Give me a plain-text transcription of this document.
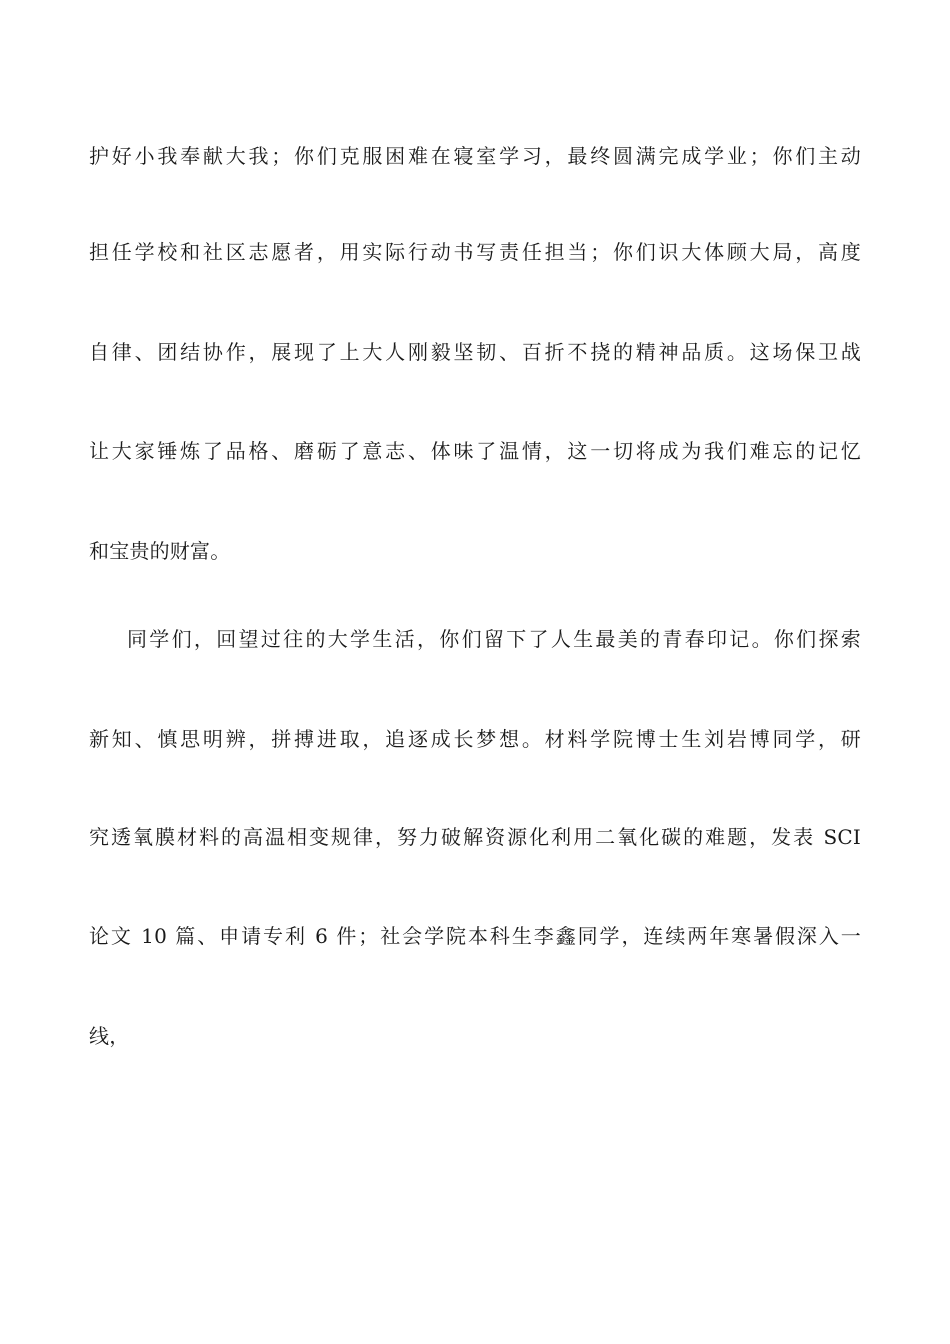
护好小我奉献大我；你们克服困难在寝室学习，最终圆满完成学业；你们主动
担任学校和社区志愿者，用实际行动书写责任担当；你们识大体顾大局，高度
自律、团结协作，展现了上大人刚毅坚韧、百折不挠的精神品质。这场保卫战
让大家锤炼了品格、磨砺了意志、体味了温情，这一切将成为我们难忘的记忆
和宝贵的财富。
同学们，回望过往的大学生活，你们留下了人生最美的青春印记。你们探索
新知、慎思明辨，拼搏进取，追逐成长梦想。材料学院博士生刘岩博同学，研
究透氧膜材料的高温相变规律，努力破解资源化利用二氧化碳的难题，发表 SCI
论文 10 篇、申请专利 6 件；社会学院本科生李鑫同学，连续两年寒暑假深入一
线，
